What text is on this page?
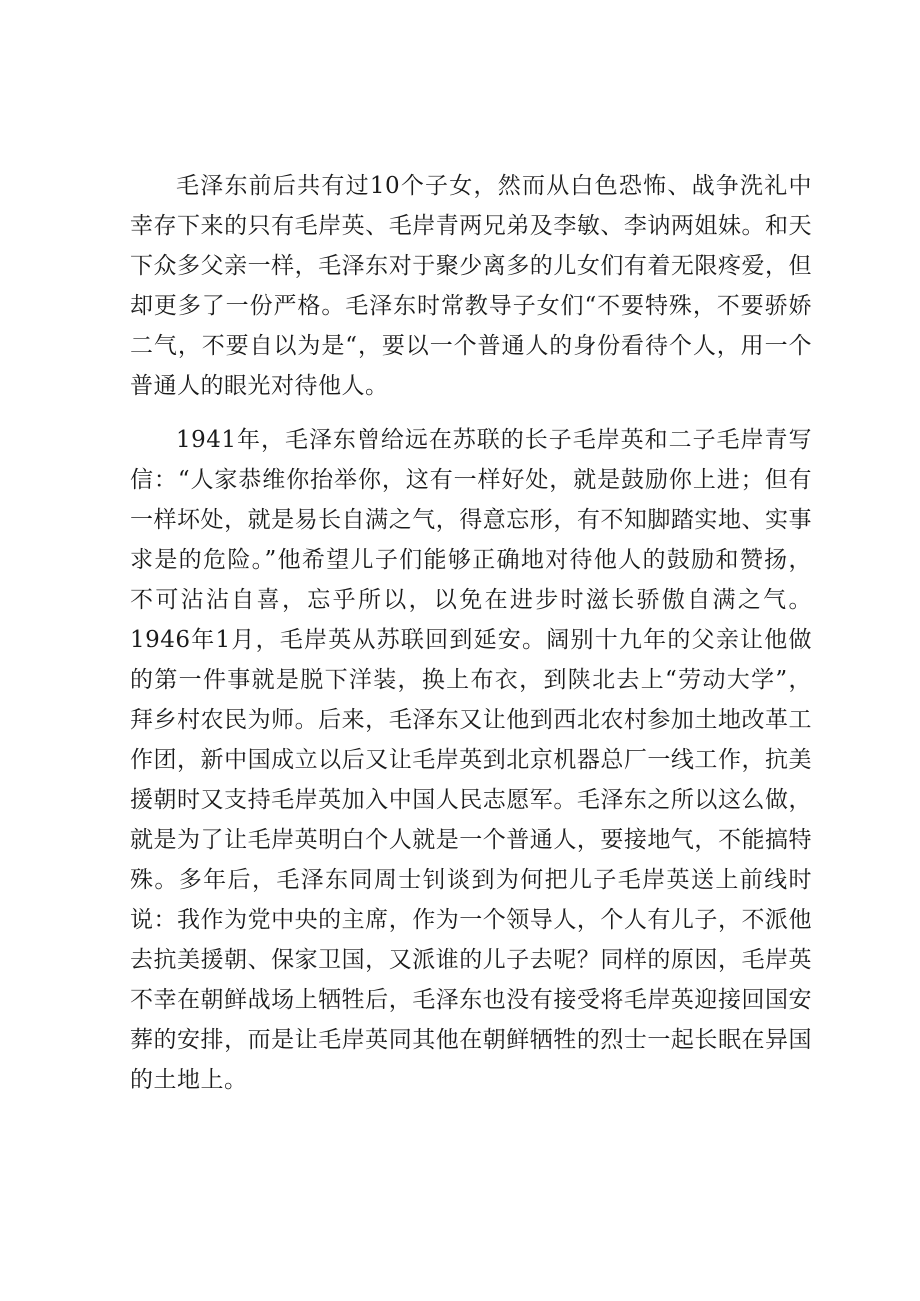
毛泽东前后共有过10个子女，然而从白色恐怖、战争洗礼中幸存下来的只有毛岸英、毛岸青两兄弟及李敏、李讷两姐妹。和天下众多父亲一样，毛泽东对于聚少离多的儿女们有着无限疼爱，但却更多了一份严格。毛泽东时常教导子女们“不要特殊，不要骄娇二气，不要自以为是“，要以一个普通人的身份看待个人，用一个普通人的眼光对待他人。

1941年，毛泽东曾给远在苏联的长子毛岸英和二子毛岸青写信：“人家恭维你抬举你，这有一样好处，就是鼓励你上进；但有一样坏处，就是易长自满之气，得意忘形，有不知脚踏实地、实事求是的危险。”他希望儿子们能够正确地对待他人的鼓励和赞扬，不可沾沾自喜，忘乎所以，以免在进步时滋长骄傲自满之气。1946年1月，毛岸英从苏联回到延安。阔别十九年的父亲让他做的第一件事就是脱下洋装，换上布衣，到陕北去上“劳动大学”，拜乡村农民为师。后来，毛泽东又让他到西北农村参加土地改革工作团，新中国成立以后又让毛岸英到北京机器总厂一线工作，抗美援朝时又支持毛岸英加入中国人民志愿军。毛泽东之所以这么做，就是为了让毛岸英明白个人就是一个普通人，要接地气，不能搞特殊。多年后，毛泽东同周士钊谈到为何把儿子毛岸英送上前线时说：我作为党中央的主席，作为一个领导人，个人有儿子，不派他去抗美援朝、保家卫国，又派谁的儿子去呢？同样的原因，毛岸英不幸在朝鲜战场上牺牲后，毛泽东也没有接受将毛岸英迎接回国安葬的安排，而是让毛岸英同其他在朝鲜牺牲的烈士一起长眠在异国的土地上。
